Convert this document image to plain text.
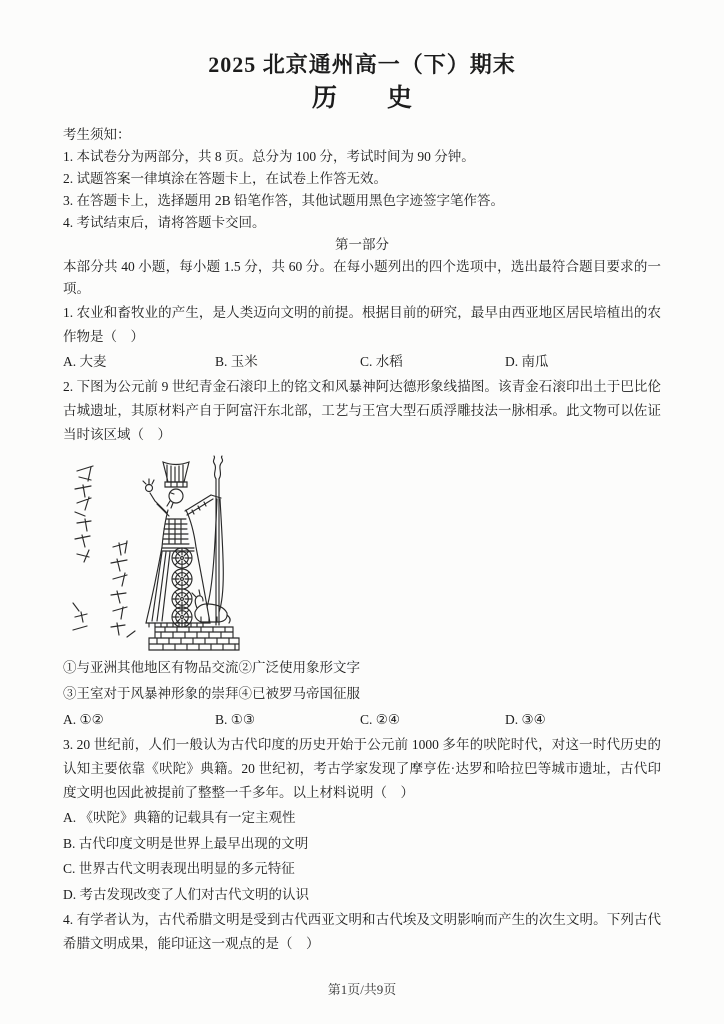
2025 北京通州高一（下）期末
历　　史
考生须知：
1. 本试卷分为两部分，共 8 页。总分为 100 分，考试时间为 90 分钟。
2. 试题答案一律填涂在答题卡上，在试卷上作答无效。
3. 在答题卡上，选择题用 2B 铅笔作答，其他试题用黑色字迹签字笔作答。
4. 考试结束后，请将答题卡交回。
第一部分
本部分共 40 小题，每小题 1.5 分，共 60 分。在每小题列出的四个选项中，选出最符合题目要求的一项。
1. 农业和畜牧业的产生，是人类迈向文明的前提。根据目前的研究，最早由西亚地区居民培植出的农作物是（　）
A. 大麦	B. 玉米	C. 水稻	D. 南瓜
2. 下图为公元前 9 世纪青金石滚印上的铭文和风暴神阿达德形象线描图。该青金石滚印出土于巴比伦古城遗址，其原材料产自于阿富汗东北部，工艺与王宫大型石质浮雕技法一脉相承。此文物可以佐证当时该区域（　）
①与亚洲其他地区有物品交流②广泛使用象形文字
③王室对于风暴神形象的崇拜④已被罗马帝国征服
A. ①②	B. ①③	C. ②④	D. ③④
3. 20 世纪前，人们一般认为古代印度的历史开始于公元前 1000 多年的吠陀时代，对这一时代历史的认知主要依靠《吠陀》典籍。20 世纪初，考古学家发现了摩亨佐·达罗和哈拉巴等城市遗址，古代印度文明也因此被提前了整整一千多年。以上材料说明（　）
A. 《吠陀》典籍的记载具有一定主观性
B. 古代印度文明是世界上最早出现的文明
C. 世界古代文明表现出明显的多元特征
D. 考古发现改变了人们对古代文明的认识
4. 有学者认为，古代希腊文明是受到古代西亚文明和古代埃及文明影响而产生的次生文明。下列古代希腊文明成果，能印证这一观点的是（　）
第1页/共9页
